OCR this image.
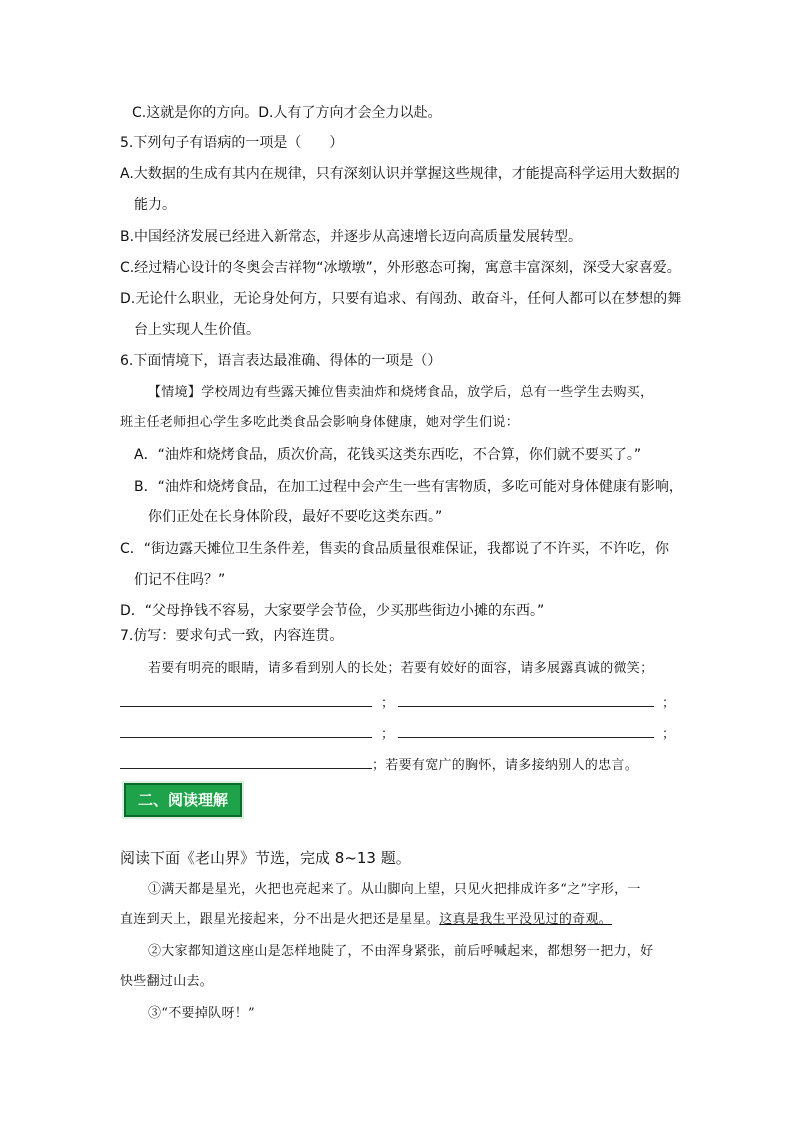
C.这就是你的方向。D.人有了方向才会全力以赴。
5.下列句子有语病的一项是（　　）
A.大数据的生成有其内在规律，只有深刻认识并掌握这些规律，才能提高科学运用大数据的
能力。
B.中国经济发展已经进入新常态，并逐步从高速增长迈向高质量发展转型。
C.经过精心设计的冬奥会吉祥物“冰墩墩”，外形憨态可掬，寓意丰富深刻，深受大家喜爱。
D.无论什么职业，无论身处何方，只要有追求、有闯劲、敢奋斗，任何人都可以在梦想的舞
台上实现人生价值。
6.下面情境下，语言表达最准确、得体的一项是（）
【情境】学校周边有些露天摊位售卖油炸和烧烤食品，放学后，总有一些学生去购买，
班主任老师担心学生多吃此类食品会影响身体健康，她对学生们说：
A．“油炸和烧烤食品，质次价高，花钱买这类东西吃，不合算，你们就不要买了。”
B．“油炸和烧烤食品，在加工过程中会产生一些有害物质，多吃可能对身体健康有影响，
你们正处在长身体阶段，最好不要吃这类东西。”
C．“街边露天摊位卫生条件差，售卖的食品质量很难保证，我都说了不许买，不许吃，你
们记不住吗？”
D．“父母挣钱不容易，大家要学会节俭，少买那些街边小摊的东西。”
7.仿写：要求句式一致，内容连贯。
若要有明亮的眼睛，请多看到别人的长处；若要有姣好的面容，请多展露真诚的微笑；
；	；
；	；
；若要有宽广的胸怀，请多接纳别人的忠言。
二、阅读理解
阅读下面《老山界》节选，完成 8~13 题。
①满天都是星光，火把也亮起来了。从山脚向上望，只见火把排成许多“之”字形，一
直连到天上，跟星光接起来，分不出是火把还是星星。这真是我生平没见过的奇观。
②大家都知道这座山是怎样地陡了，不由浑身紧张，前后呼喊起来，都想努一把力，好
快些翻过山去。
③“不要掉队呀！”
